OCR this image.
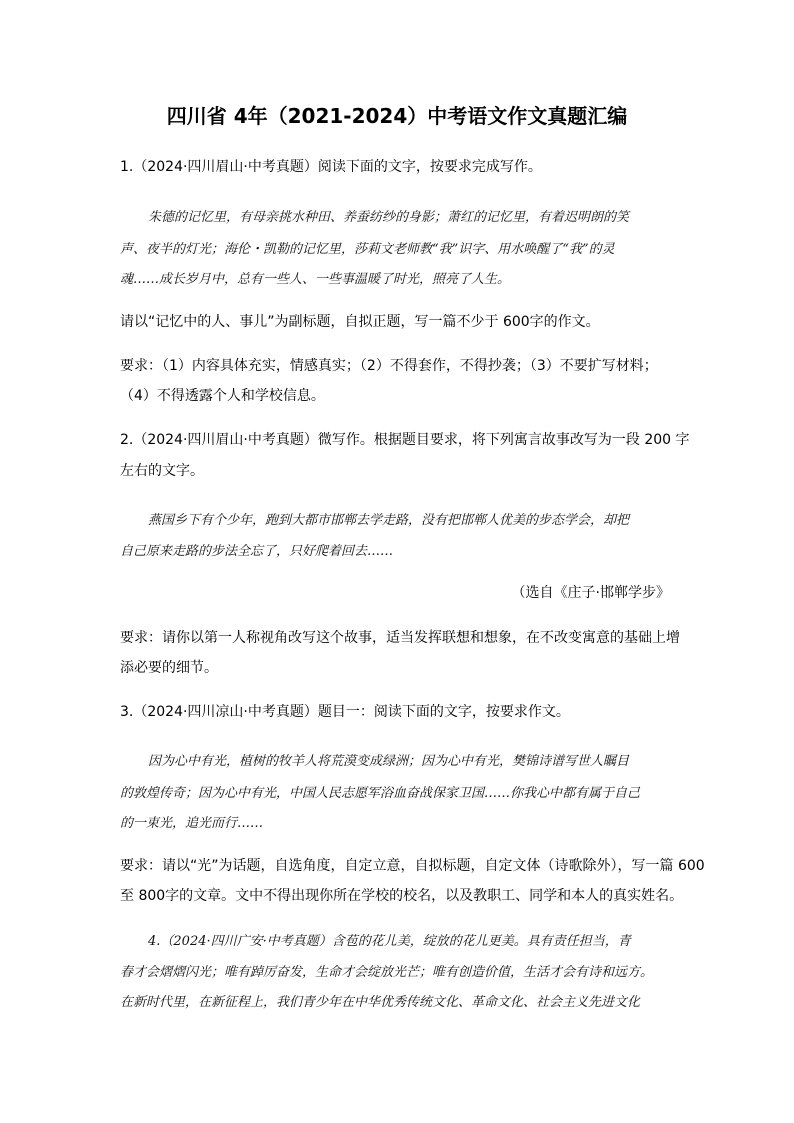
四川省 4年（2021-2024）中考语文作文真题汇编
1.（2024·四川眉山·中考真题）阅读下面的文字，按要求完成写作。
朱德的记忆里，有母亲挑水种田、养蚕纺纱的身影；萧红的记忆里，有着迟明朗的笑
声、夜半的灯光；海伦・凯勒的记忆里，莎莉文老师教“我”识字、用水唤醒了“我”的灵
魂……成长岁月中，总有一些人、一些事温暖了时光，照亮了人生。
请以“记忆中的人、事儿”为副标题，自拟正题，写一篇不少于 600字的作文。
要求：（1）内容具体充实，情感真实；（2）不得套作，不得抄袭；（3）不要扩写材料；
（4）不得透露个人和学校信息。
2.（2024·四川眉山·中考真题）微写作。根据题目要求，将下列寓言故事改写为一段 200 字
左右的文字。
燕国乡下有个少年，跑到大都市邯郸去学走路，没有把邯郸人优美的步态学会，却把
自己原来走路的步法全忘了，只好爬着回去……
（选自《庄子·邯郸学步》
要求：请你以第一人称视角改写这个故事，适当发挥联想和想象，在不改变寓意的基础上增
添必要的细节。
3.（2024·四川凉山·中考真题）题目一：阅读下面的文字，按要求作文。
因为心中有光，植树的牧羊人将荒漠变成绿洲；因为心中有光，樊锦诗谱写世人瞩目
的敦煌传奇；因为心中有光，中国人民志愿军浴血奋战保家卫国……你我心中都有属于自己
的一束光，追光而行……
要求：请以“光”为话题，自选角度，自定立意，自拟标题，自定文体（诗歌除外），写一篇 600
至 800字的文章。文中不得出现你所在学校的校名，以及教职工、同学和本人的真实姓名。
4.（2024·四川广安·中考真题）含苞的花儿美，绽放的花儿更美。具有责任担当，青
春才会熠熠闪光；唯有踔厉奋发，生命才会绽放光芒；唯有创造价值，生活才会有诗和远方。
在新时代里，在新征程上，我们青少年在中华优秀传统文化、革命文化、社会主义先进文化
